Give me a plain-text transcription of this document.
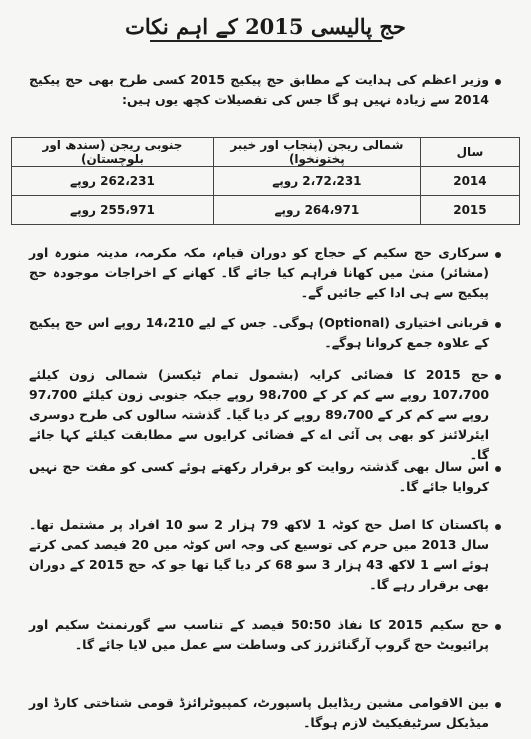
حج پالیسی 2015 کے اہم نکات
وزیر اعظم کی ہدایت کے مطابق حج پیکیج 2015 کسی طرح بھی حج پیکیج 2014 سے زیادہ نہیں ہو گا جس کی تفصیلات کچھ یوں ہیں:
سال	شمالی ریجن (پنجاب اور خیبر پختونخوا)	جنوبی ریجن (سندھ اور بلوچستان)
2014	2،72،231 روپے	262،231 روپے
2015	264،971 روپے	255،971 روپے
سرکاری حج سکیم کے حجاج کو دوران قیام، مکہ مکرمہ، مدینہ منورہ اور (مشائر) منیٰ میں کھانا فراہم کیا جائے گا۔ کھانے کے اخراجات موجودہ حج پیکیج سے ہی ادا کیے جائیں گے۔
قربانی اختیاری (Optional) ہوگی۔ جس کے لیے 14،210 روپے اس حج پیکیج کے علاوہ جمع کروانا ہوگے۔
حج 2015 کا فضائی کرایہ (بشمول تمام ٹیکسز) شمالی زون کیلئے 107،700 روپے سے کم کر کے 98،700 روپے جبکہ جنوبی زون کیلئے 97،700 روپے سے کم کر کے 89،700 روپے کر دیا گیا۔ گذشتہ سالوں کی طرح دوسری ایئرلائنز کو بھی پی آئی اے کے فضائی کرایوں سے مطابقت کیلئے کہا جائے گا۔
اس سال بھی گذشتہ روایت کو برقرار رکھتے ہوئے کسی کو مفت حج نہیں کروایا جائے گا۔
پاکستان کا اصل حج کوٹہ 1 لاکھ 79 ہزار 2 سو 10 افراد پر مشتمل تھا۔ سال 2013 میں حرم کی توسیع کی وجہ اس کوٹہ میں 20 فیصد کمی کرتے ہوئے اسے 1 لاکھ 43 ہزار 3 سو 68 کر دیا گیا تھا جو کہ حج 2015 کے دوران بھی برقرار رہے گا۔
حج سکیم 2015 کا نفاذ 50:50 فیصد کے تناسب سے گورنمنٹ سکیم اور پرائیویٹ حج گروپ آرگنائزرز کی وساطت سے عمل میں لایا جائے گا۔
بین الاقوامی مشین ریڈایبل پاسپورٹ، کمپیوٹرائزڈ قومی شناختی کارڈ اور میڈیکل سرٹیفیکیٹ لازم ہوگا۔
